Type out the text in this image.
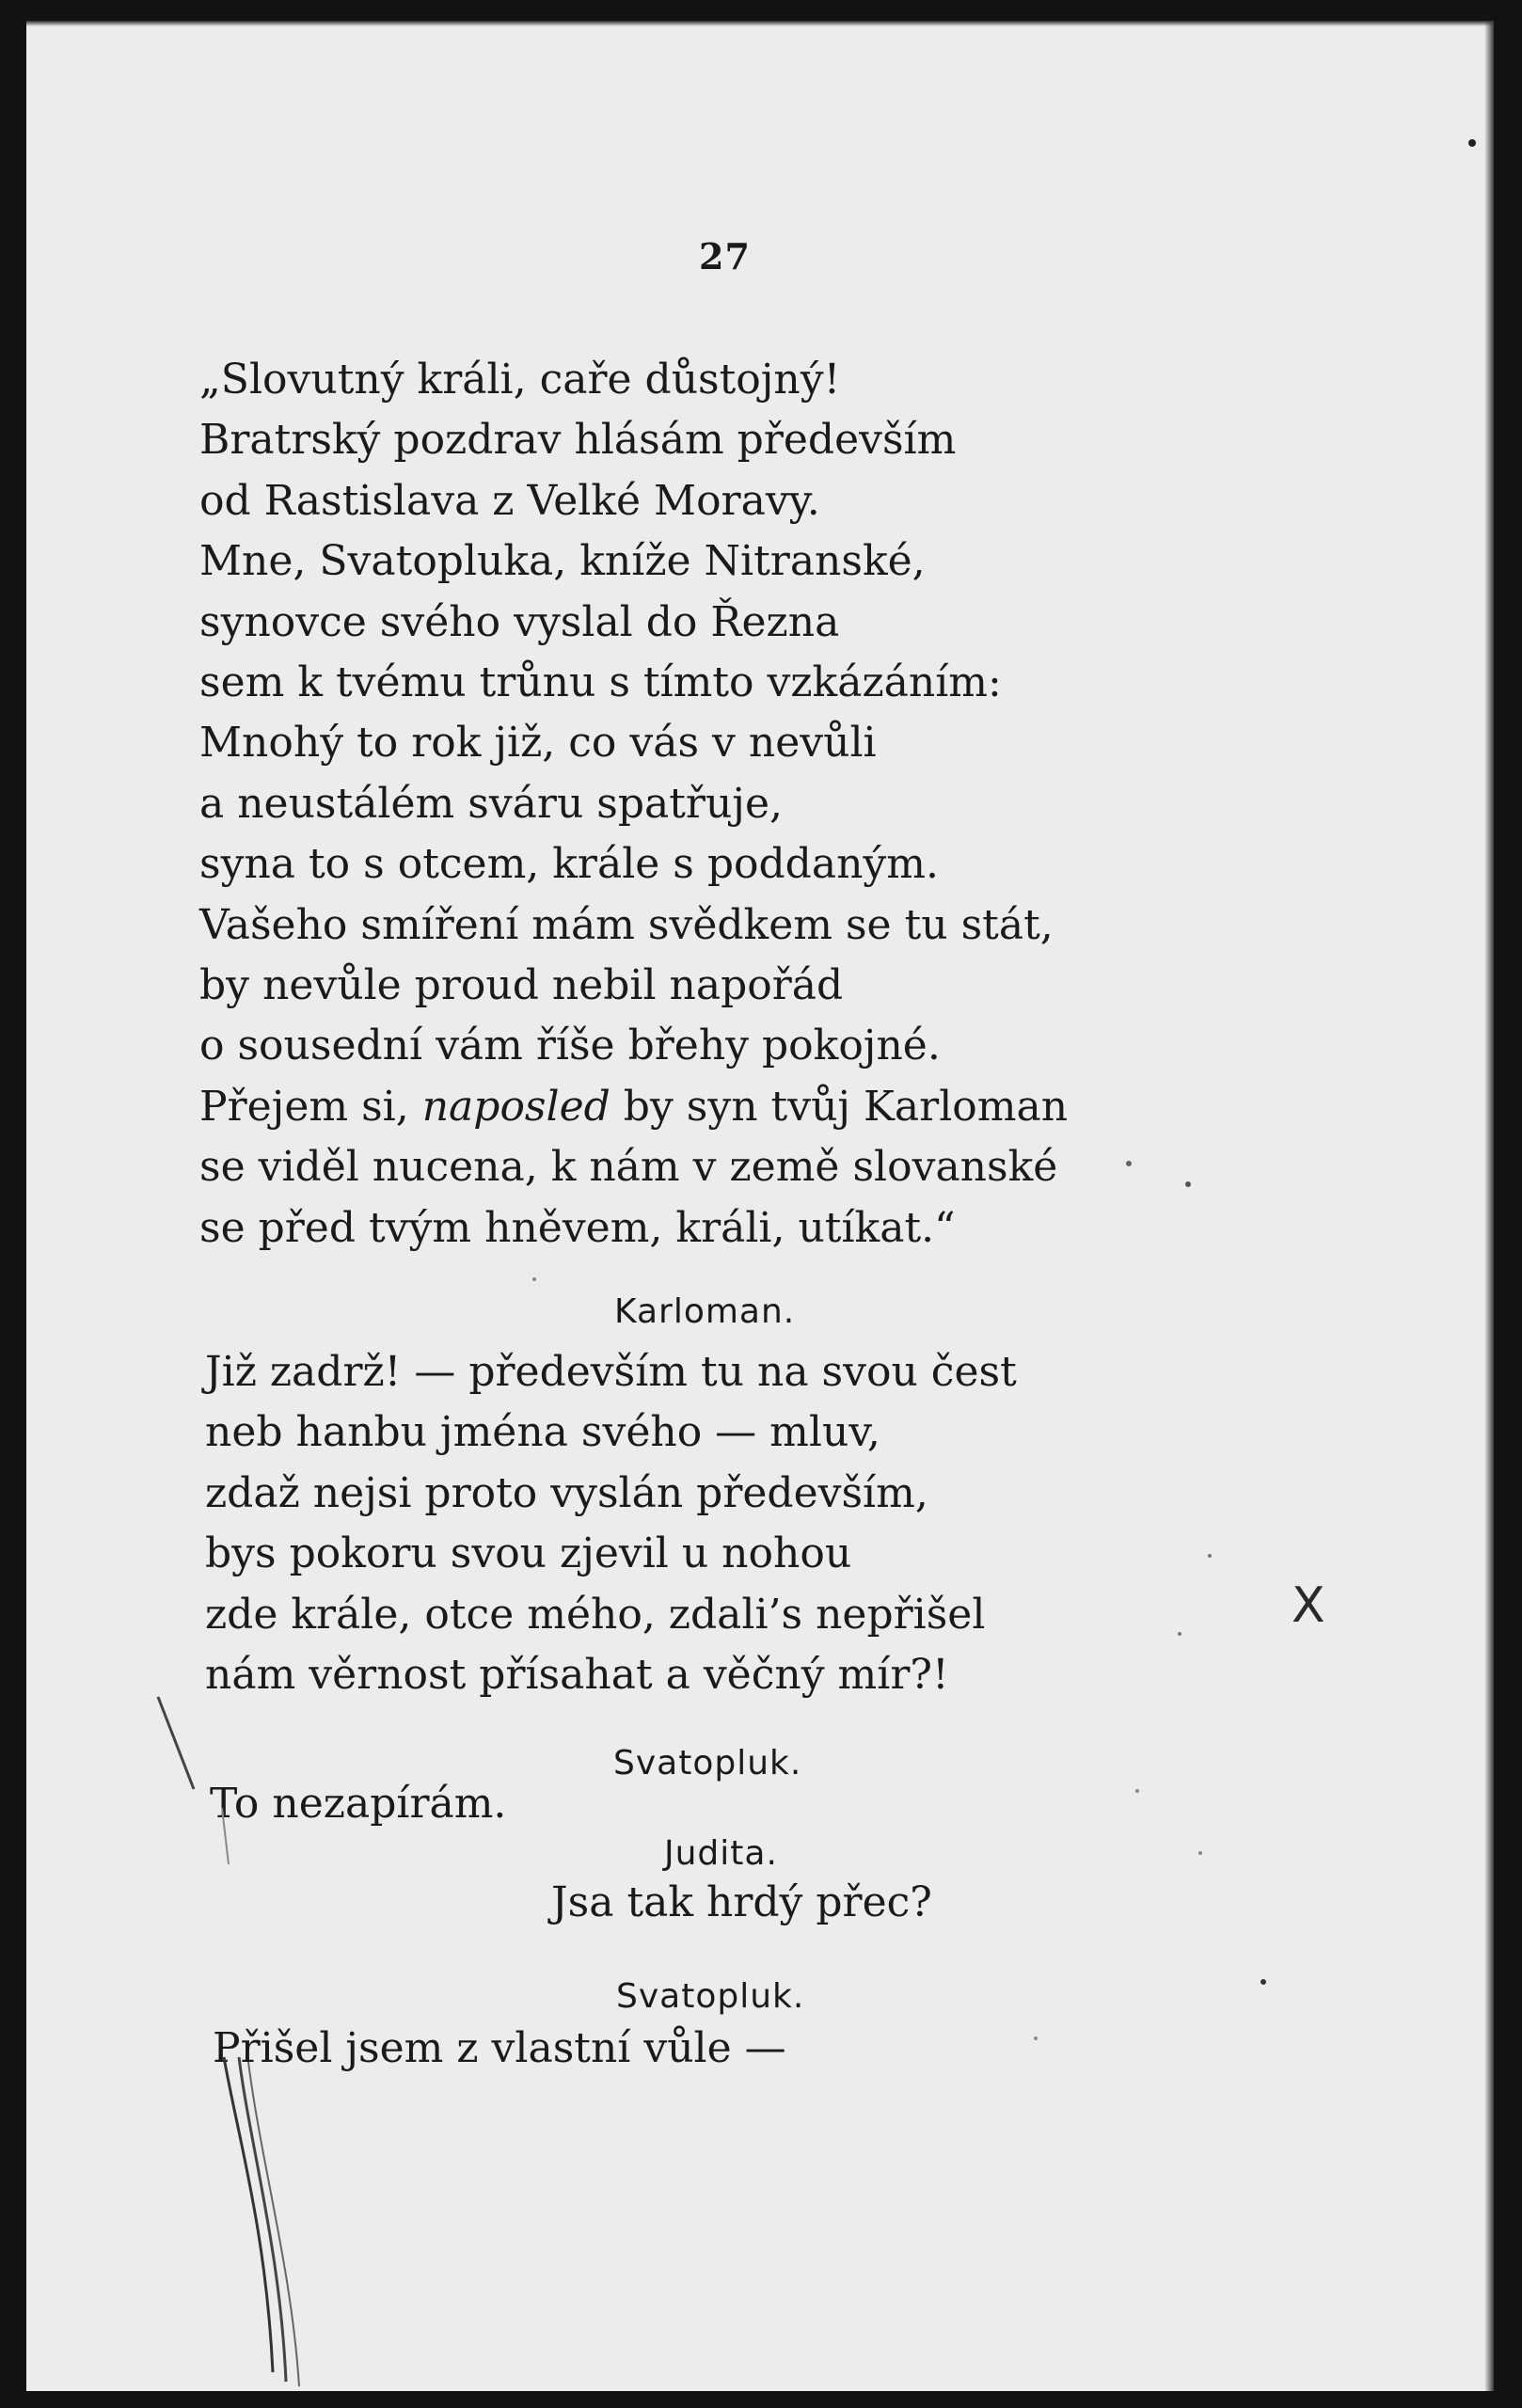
27
„Slovutný králi, caře důstojný!
Bratrský pozdrav hlásám především
od Rastislava z Velké Moravy.
Mne, Svatopluka, kníže Nitranské,
synovce svého vyslal do Řezna
sem k tvému trůnu s tímto vzkázáním:
Mnohý to rok již, co vás v nevůli
a neustálém sváru spatřuje,
syna to s otcem, krále s poddaným.
Vašeho smíření mám svědkem se tu stát,
by nevůle proud nebil napořád
o sousední vám říše břehy pokojné.
Přejem si, naposled by syn tvůj Karloman
se viděl nucena, k nám v země slovanské
se před tvým hněvem, králi, utíkat.“
Karloman.
Již zadrž! — především tu na svou čest
neb hanbu jména svého — mluv,
zdaž nejsi proto vyslán především,
bys pokoru svou zjevil u nohou
zde krále, otce mého, zdali’s nepřišel
nám věrnost přísahat a věčný mír?!
Svatopluk.
To nezapírám.
Judita.
Jsa tak hrdý přec?
Svatopluk.
Přišel jsem z vlastní vůle —
X
